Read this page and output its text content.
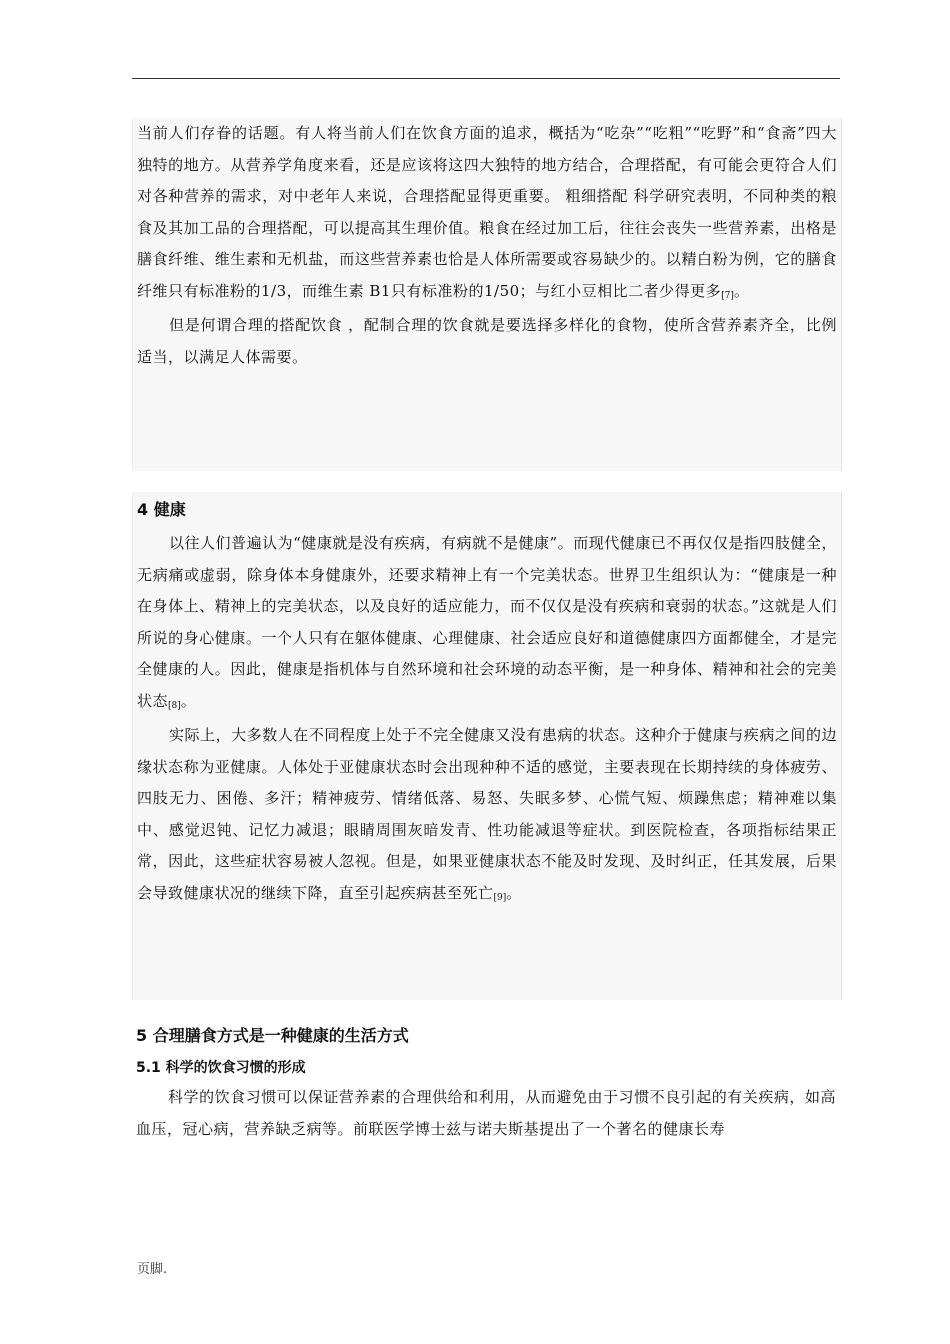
当前人们存眷的话题。有人将当前人们在饮食方面的追求，概括为“吃杂”“吃粗”“吃野”和“食斋”四大独特的地方。从营养学角度来看，还是应该将这四大独特的地方结合，合理搭配，有可能会更符合人们对各种营养的需求，对中老年人来说，合理搭配显得更重要。 粗细搭配 科学研究表明，不同种类的粮食及其加工品的合理搭配，可以提高其生理价值。粮食在经过加工后，往往会丧失一些营养素，出格是膳食纤维、维生素和无机盐，而这些营养素也恰是人体所需要或容易缺少的。以精白粉为例，它的膳食纤维只有标准粉的1/3，而维生素 B1只有标准粉的1/50；与红小豆相比二者少得更多[7]。

但是何谓合理的搭配饮食 ，配制合理的饮食就是要选择多样化的食物，使所含营养素齐全，比例适当，以满足人体需要。

4 健康

以往人们普遍认为“健康就是没有疾病，有病就不是健康”。而现代健康已不再仅仅是指四肢健全，无病痛或虚弱，除身体本身健康外，还要求精神上有一个完美状态。世界卫生组织认为：“健康是一种在身体上、精神上的完美状态，以及良好的适应能力，而不仅仅是没有疾病和衰弱的状态。”这就是人们所说的身心健康。一个人只有在躯体健康、心理健康、社会适应良好和道德健康四方面都健全，才是完全健康的人。因此，健康是指机体与自然环境和社会环境的动态平衡，是一种身体、精神和社会的完美状态[8]。

实际上，大多数人在不同程度上处于不完全健康又没有患病的状态。这种介于健康与疾病之间的边缘状态称为亚健康。人体处于亚健康状态时会出现种种不适的感觉，主要表现在长期持续的身体疲劳、四肢无力、困倦、多汗；精神疲劳、情绪低落、易怒、失眠多梦、心慌气短、烦躁焦虑；精神难以集中、感觉迟钝、记忆力减退；眼睛周围灰暗发青、性功能减退等症状。到医院检查，各项指标结果正常，因此，这些症状容易被人忽视。但是，如果亚健康状态不能及时发现、及时纠正，任其发展，后果会导致健康状况的继续下降，直至引起疾病甚至死亡[9]。

5 合理膳食方式是一种健康的生活方式
5.1 科学的饮食习惯的形成

科学的饮食习惯可以保证营养素的合理供给和利用，从而避免由于习惯不良引起的有关疾病，如高血压，冠心病，营养缺乏病等。前联医学博士兹与诺夫斯基提出了一个著名的健康长寿

页脚.
